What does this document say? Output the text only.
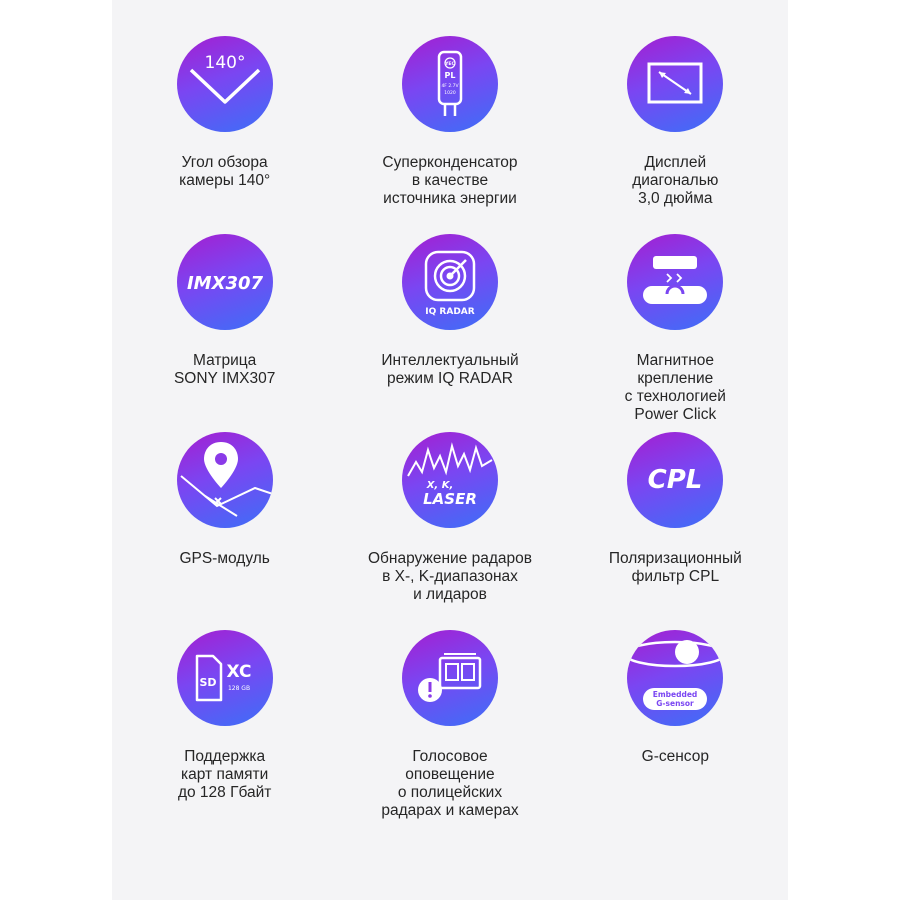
140°
Угол обзора
камеры 140°
YEC
PL
4F 2.7V
1020
Суперконденсатор
в качестве
источника энергии
Дисплей
диагональю
3,0 дюйма
IMX307
Матрица
SONY IMX307
IQ RADAR
Интеллектуальный
режим IQ RADAR
Магнитное
крепление
с технологией
Power Click
GPS-модуль
X, K,
LASER
Обнаружение радаров
в X-, K-диапазонах
и лидаров
CPL
Поляризационный
фильтр CPL
SD
XC
128 GB
Поддержка
карт памяти
до 128 Гбайт
Голосовое
оповещение
о полицейских
радарах и камерах
Embedded
G-sensor
G-сенсор
